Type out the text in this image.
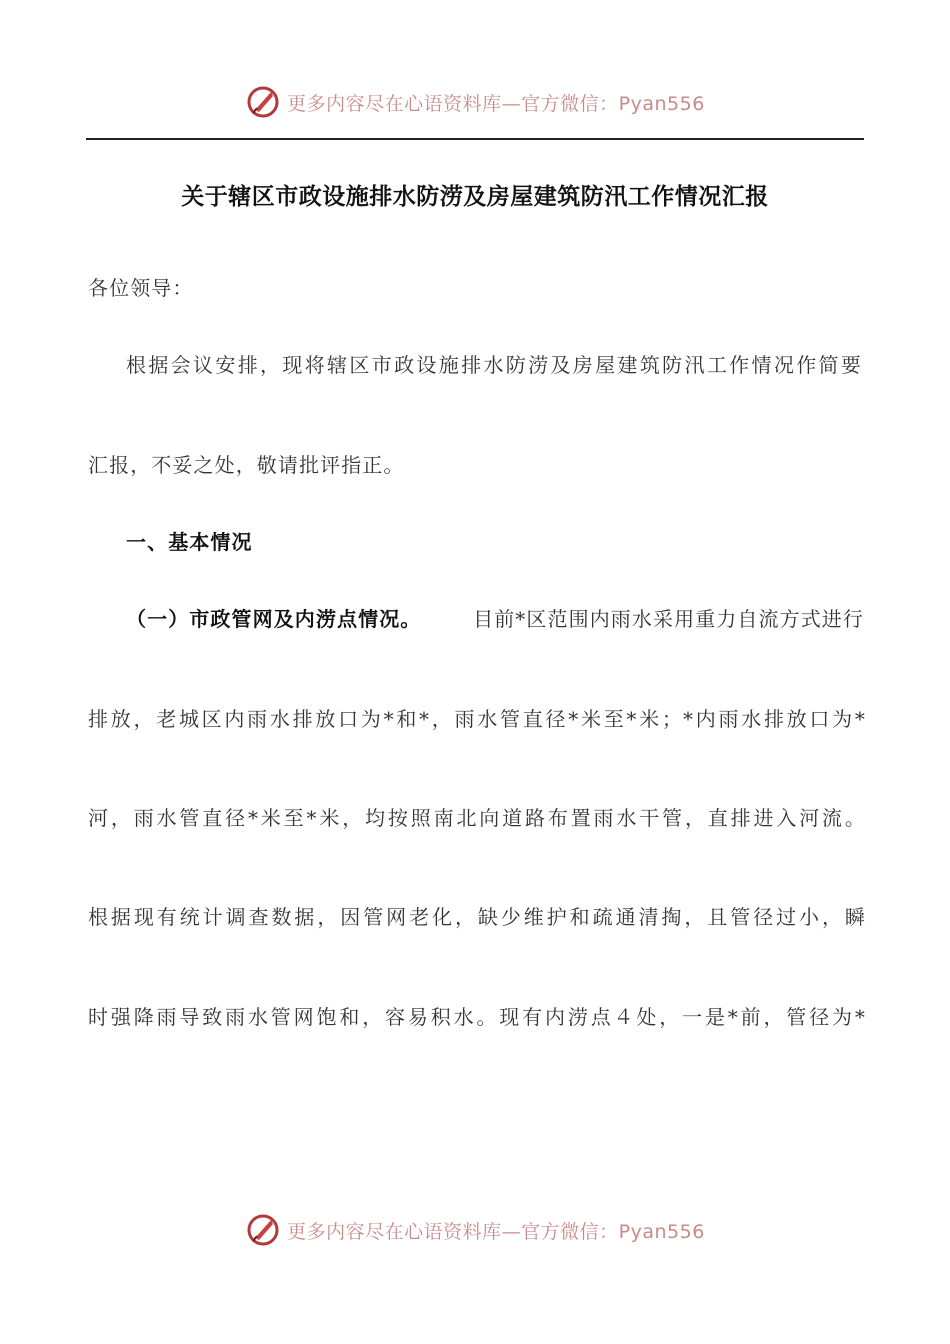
更多内容尽在心语资料库—官方微信：Pyan556
关于辖区市政设施排水防涝及房屋建筑防汛工作情况汇报
各位领导：
根据会议安排，现将辖区市政设施排水防涝及房屋建筑防汛工作情况作简要
汇报，不妥之处，敬请批评指正。
一、基本情况
（一）市政管网及内涝点情况。	目前*区范围内雨水采用重力自流方式进行
排放，老城区内雨水排放口为*和*，雨水管直径*米至*米；*内雨水排放口为*
河，雨水管直径*米至*米，均按照南北向道路布置雨水干管，直排进入河流。
根据现有统计调查数据，因管网老化，缺少维护和疏通清掏，且管径过小，瞬
时强降雨导致雨水管网饱和，容易积水。现有内涝点４处，一是*前，管径为*
更多内容尽在心语资料库—官方微信：Pyan556
